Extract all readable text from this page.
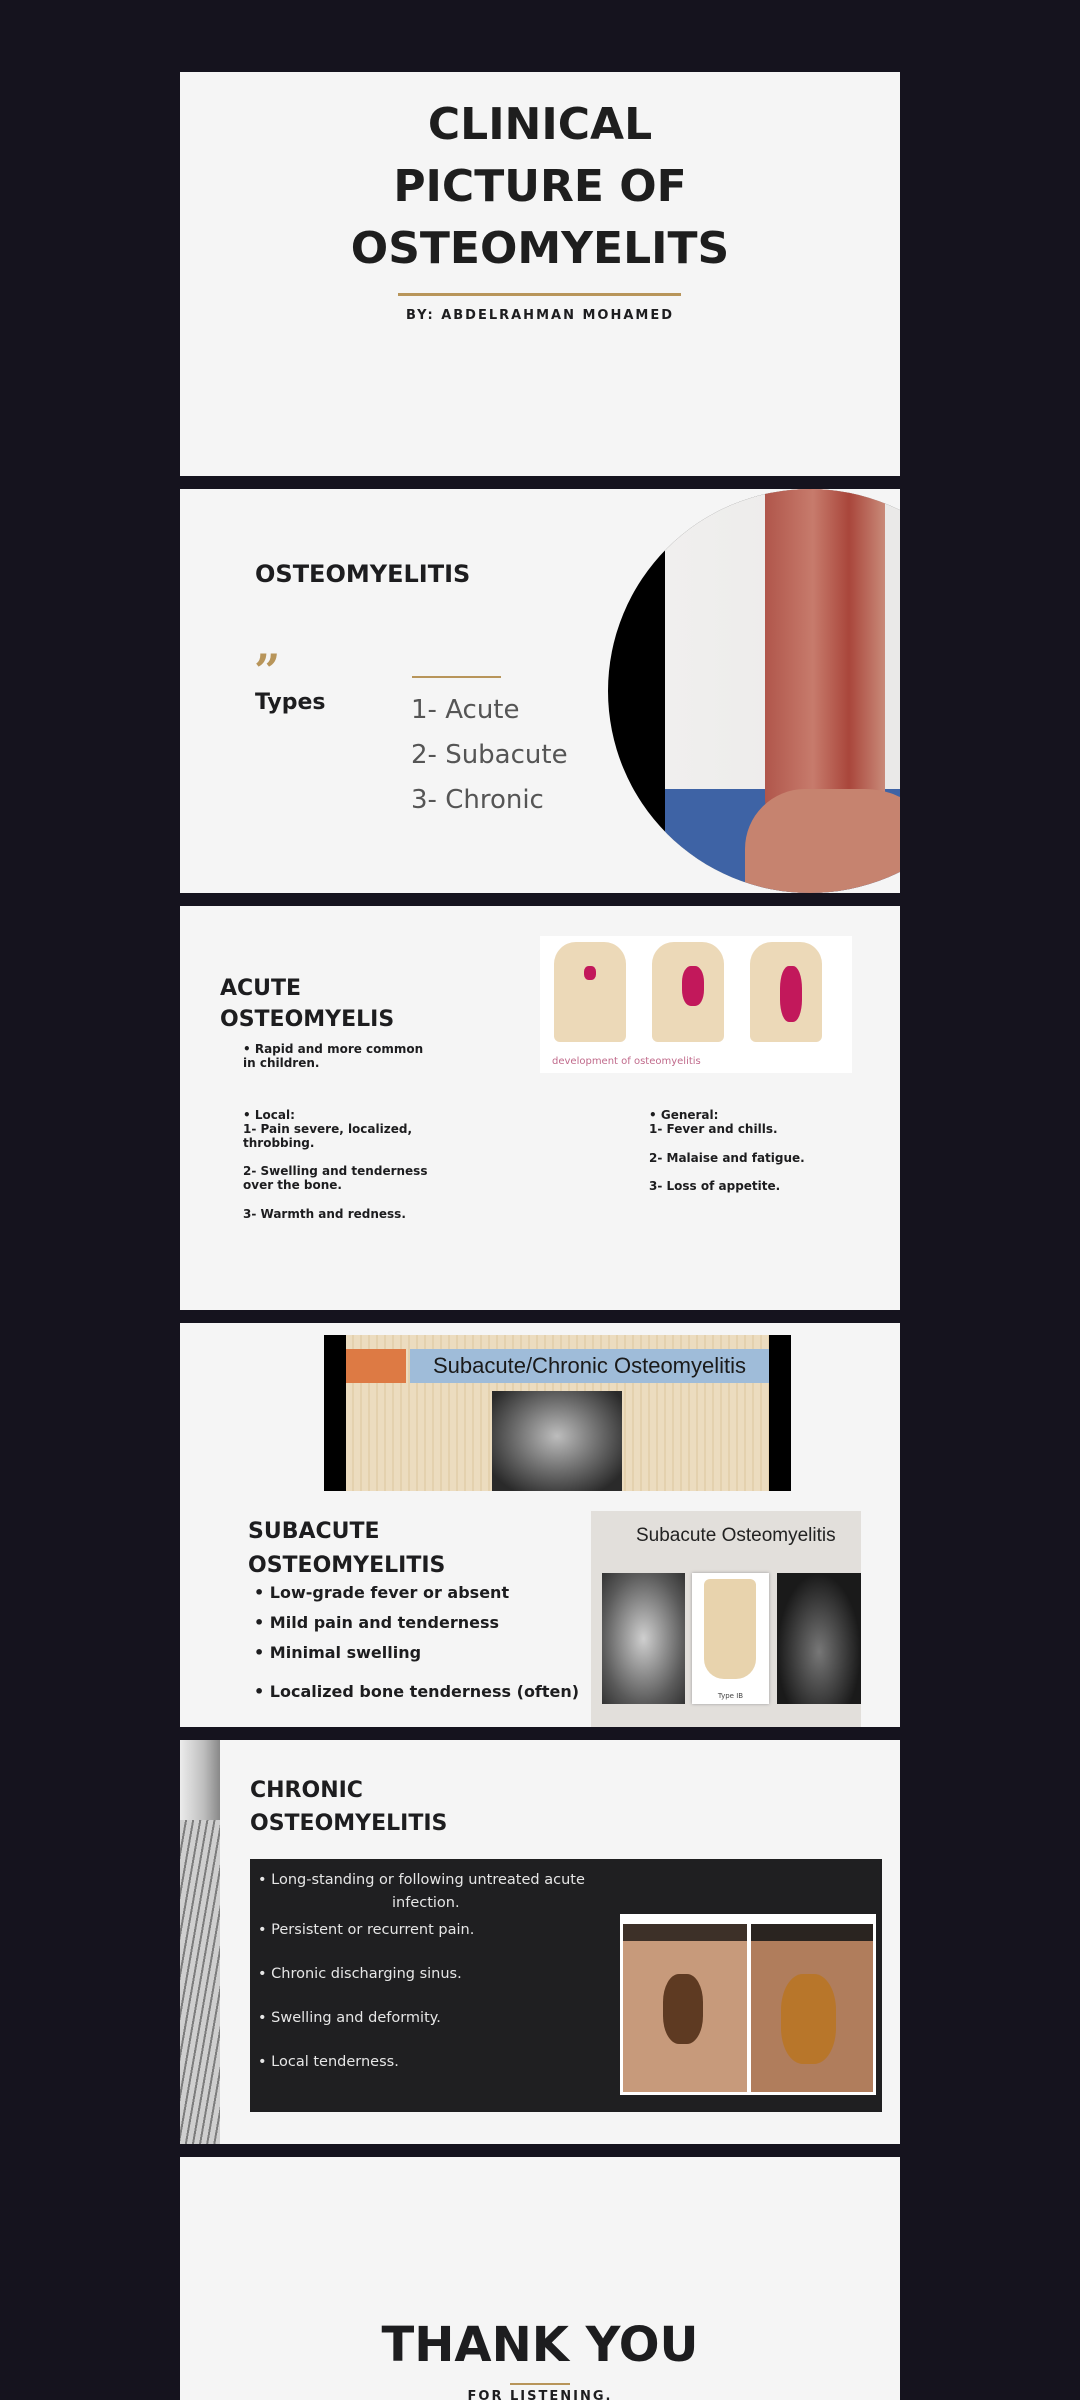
CLINICAL
PICTURE OF
OSTEOMYELITS
BY: ABDELRAHMAN MOHAMED
OSTEOMYELITIS
”
Types	1- Acute
2- Subacute
3- Chronic
ACUTE
OSTEOMYELIS
• Rapid and more common
in children.
• Local:
1- Pain severe, localized,
throbbing.
2- Swelling and tenderness
over the bone.
3- Warmth and redness.
• General:
1- Fever and chills.
2- Malaise and fatigue.
3- Loss of appetite.
development of osteomyelitis
Subacute/Chronic Osteomyelitis
SUBACUTE
OSTEOMYELITIS
• Low-grade fever or absent
• Mild pain and tenderness
• Minimal swelling
• Localized bone tenderness (often)
Subacute Osteomyelitis
Type IB
CHRONIC
OSTEOMYELITIS
• Long-standing or following untreated acute
infection.
• Persistent or recurrent pain.
• Chronic discharging sinus.
• Swelling and deformity.
• Local tenderness.
THANK YOU
FOR LISTENING.
